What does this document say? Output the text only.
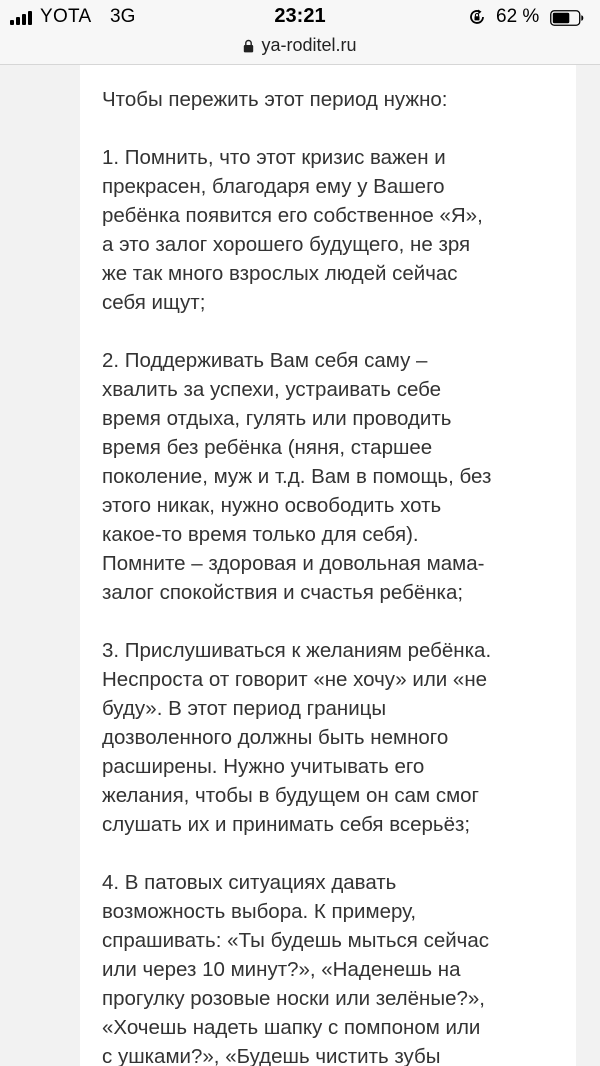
YOTA 3G	23:21	62 %
ya-roditel.ru

Чтобы пережить этот период нужно:

1. Помнить, что этот кризис важен и

прекрасен, благодаря ему у Вашего

ребёнка появится его собственное «Я»,

а это залог хорошего будущего, не зря

же так много взрослых людей сейчас

себя ищут;

2. Поддерживать Вам себя саму –

хвалить за успехи, устраивать себе

время отдыха, гулять или проводить

время без ребёнка (няня, старшее

поколение, муж и т.д. Вам в помощь, без

этого никак, нужно освободить хоть

какое-то время только для себя).

Помните – здоровая и довольная мама-

залог спокойствия и счастья ребёнка;

3. Прислушиваться к желаниям ребёнка.

Неспроста от говорит «не хочу» или «не

буду». В этот период границы

дозволенного должны быть немного

расширены. Нужно учитывать его

желания, чтобы в будущем он сам смог

слушать их и принимать себя всерьёз;

4. В патовых ситуациях давать

возможность выбора. К примеру,

спрашивать: «Ты будешь мыться сейчас

или через 10 минут?», «Наденешь на

прогулку розовые носки или зелёные?»,

«Хочешь надеть шапку с помпоном или

с ушками?», «Будешь чистить зубы
